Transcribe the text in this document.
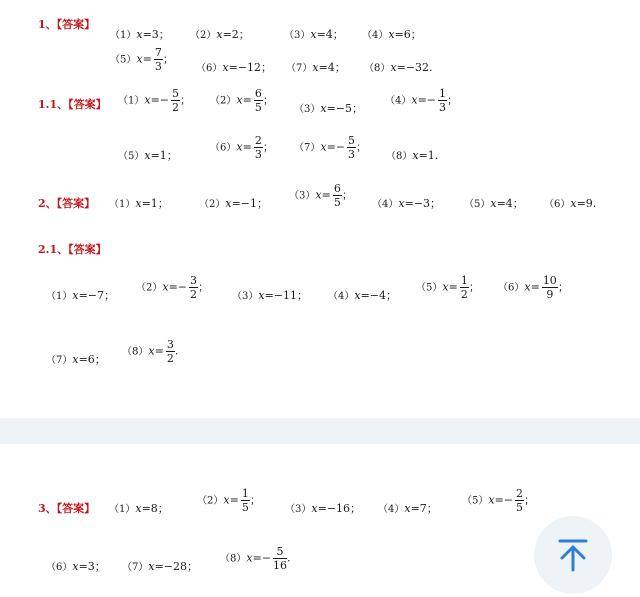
1、【答案】
（1）x=3； （2）x=2；	（3）x=4； （4）x=6；
$(5)x= \frac{7}{3}$ ；
（6）x=−12； （7）x=4； （8）x=−32.
1.1、【答案】 $(1)x=- \frac{5}{2}$ ； $(2)x= \frac{6}{5}$ ；
（3）x=−5；
$(4)x=- \frac{1}{3}$ ；
（5）x=1；
$(6)x= \frac{2}{3}$ ； $(7)x=- \frac{5}{3}$ ；
（8）x=1.
2、【答案】 （1）x=1；	（2）x=−1；
$(3)x= \frac{6}{5}$ ；
（4）x=−3； （5）x=4； （6）x=9.
2.1、【答案】
（1）x=−7；
$(2)x=- \frac{3}{2}$ ；
（3）x=−11； （4）x=−4；
$(5)x= \frac{1}{2}$ ； $(6)x= \frac{10}{9}$ ；
（7）x=6；
$(8)x= \frac{3}{2}$ .
3、【答案】 （1）x=8；
$(2)x= \frac{1}{5}$ ；
（3）x=−16； （4）x=7；
$(5)x=- \frac{2}{5}$ ；
（6）x=3； （7）x=−28；
$(8)x=- \frac{5}{16}$ .
